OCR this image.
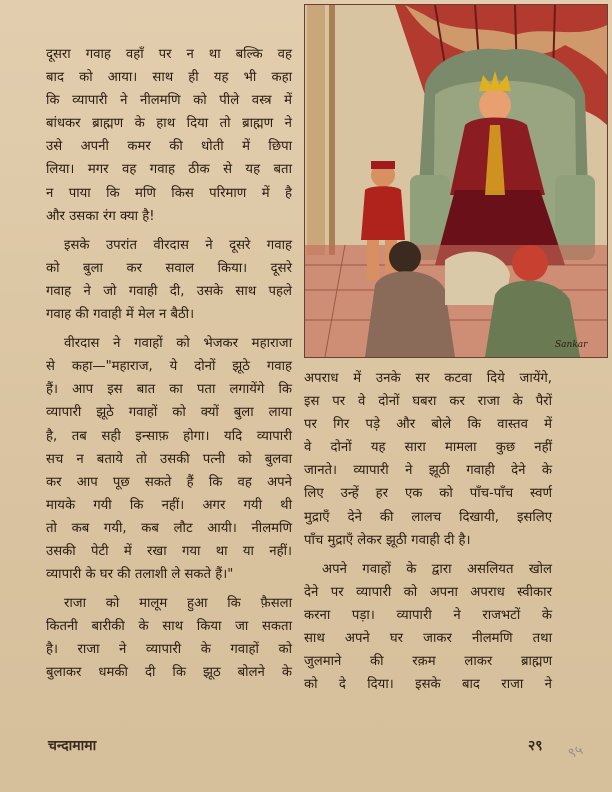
दूसरा गवाह वहाँ पर न था बल्कि वह
बाद को आया। साथ ही यह भी कहा
कि व्यापारी ने नीलमणि को पीले वस्त्र में
बांधकर ब्राह्मण के हाथ दिया तो ब्राह्मण ने
उसे अपनी कमर की धोती में छिपा
लिया। मगर वह गवाह ठीक से यह बता
न पाया कि मणि किस परिमाण में है
और उसका रंग क्या है!

इसके उपरांत वीरदास ने दूसरे गवाह
को बुला कर सवाल किया। दूसरे
गवाह ने जो गवाही दी, उसके साथ पहले
गवाह की गवाही में मेल न बैठी।

वीरदास ने गवाहों को भेजकर महाराजा
से कहा—"महाराज, ये दोनों झूठे गवाह
हैं। आप इस बात का पता लगायेंगे कि
व्यापारी झूठे गवाहों को क्यों बुला लाया
है, तब सही इन्साफ़ होगा। यदि व्यापारी
सच न बताये तो उसकी पत्नी को बुलवा
कर आप पूछ सकते हैं कि वह अपने
मायके गयी कि नहीं। अगर गयी थी
तो कब गयी, कब लौट आयी। नीलमणि
उसकी पेटी में रखा गया था या नहीं।
व्यापारी के घर की तलाशी ले सकते हैं।"

राजा को मालूम हुआ कि फ़ैसला
कितनी बारीकी के साथ किया जा सकता
है। राजा ने व्यापारी के गवाहों को
बुलाकर धमकी दी कि झूठ बोलने के

Sankar

अपराध में उनके सर कटवा दिये जायेंगे,
इस पर वे दोनों घबरा कर राजा के पैरों
पर गिर पड़े और बोले कि वास्तव में
वे दोनों यह सारा मामला कुछ नहीं
जानते। व्यापारी ने झूठी गवाही देने के
लिए उन्हें हर एक को पाँच-पाँच स्वर्ण
मुद्राएँ देने की लालच दिखायी, इसलिए
पाँच मुद्राएँ लेकर झूठी गवाही दी है।

अपने गवाहों के द्वारा असलियत खोल
देने पर व्यापारी को अपना अपराध स्वीकार
करना पड़ा। व्यापारी ने राजभटों के
साथ अपने घर जाकर नीलमणि तथा
जुलमाने की रक़म लाकर ब्राह्मण
को दे दिया। इसके बाद राजा ने

चन्दामामा	२९ ९५
